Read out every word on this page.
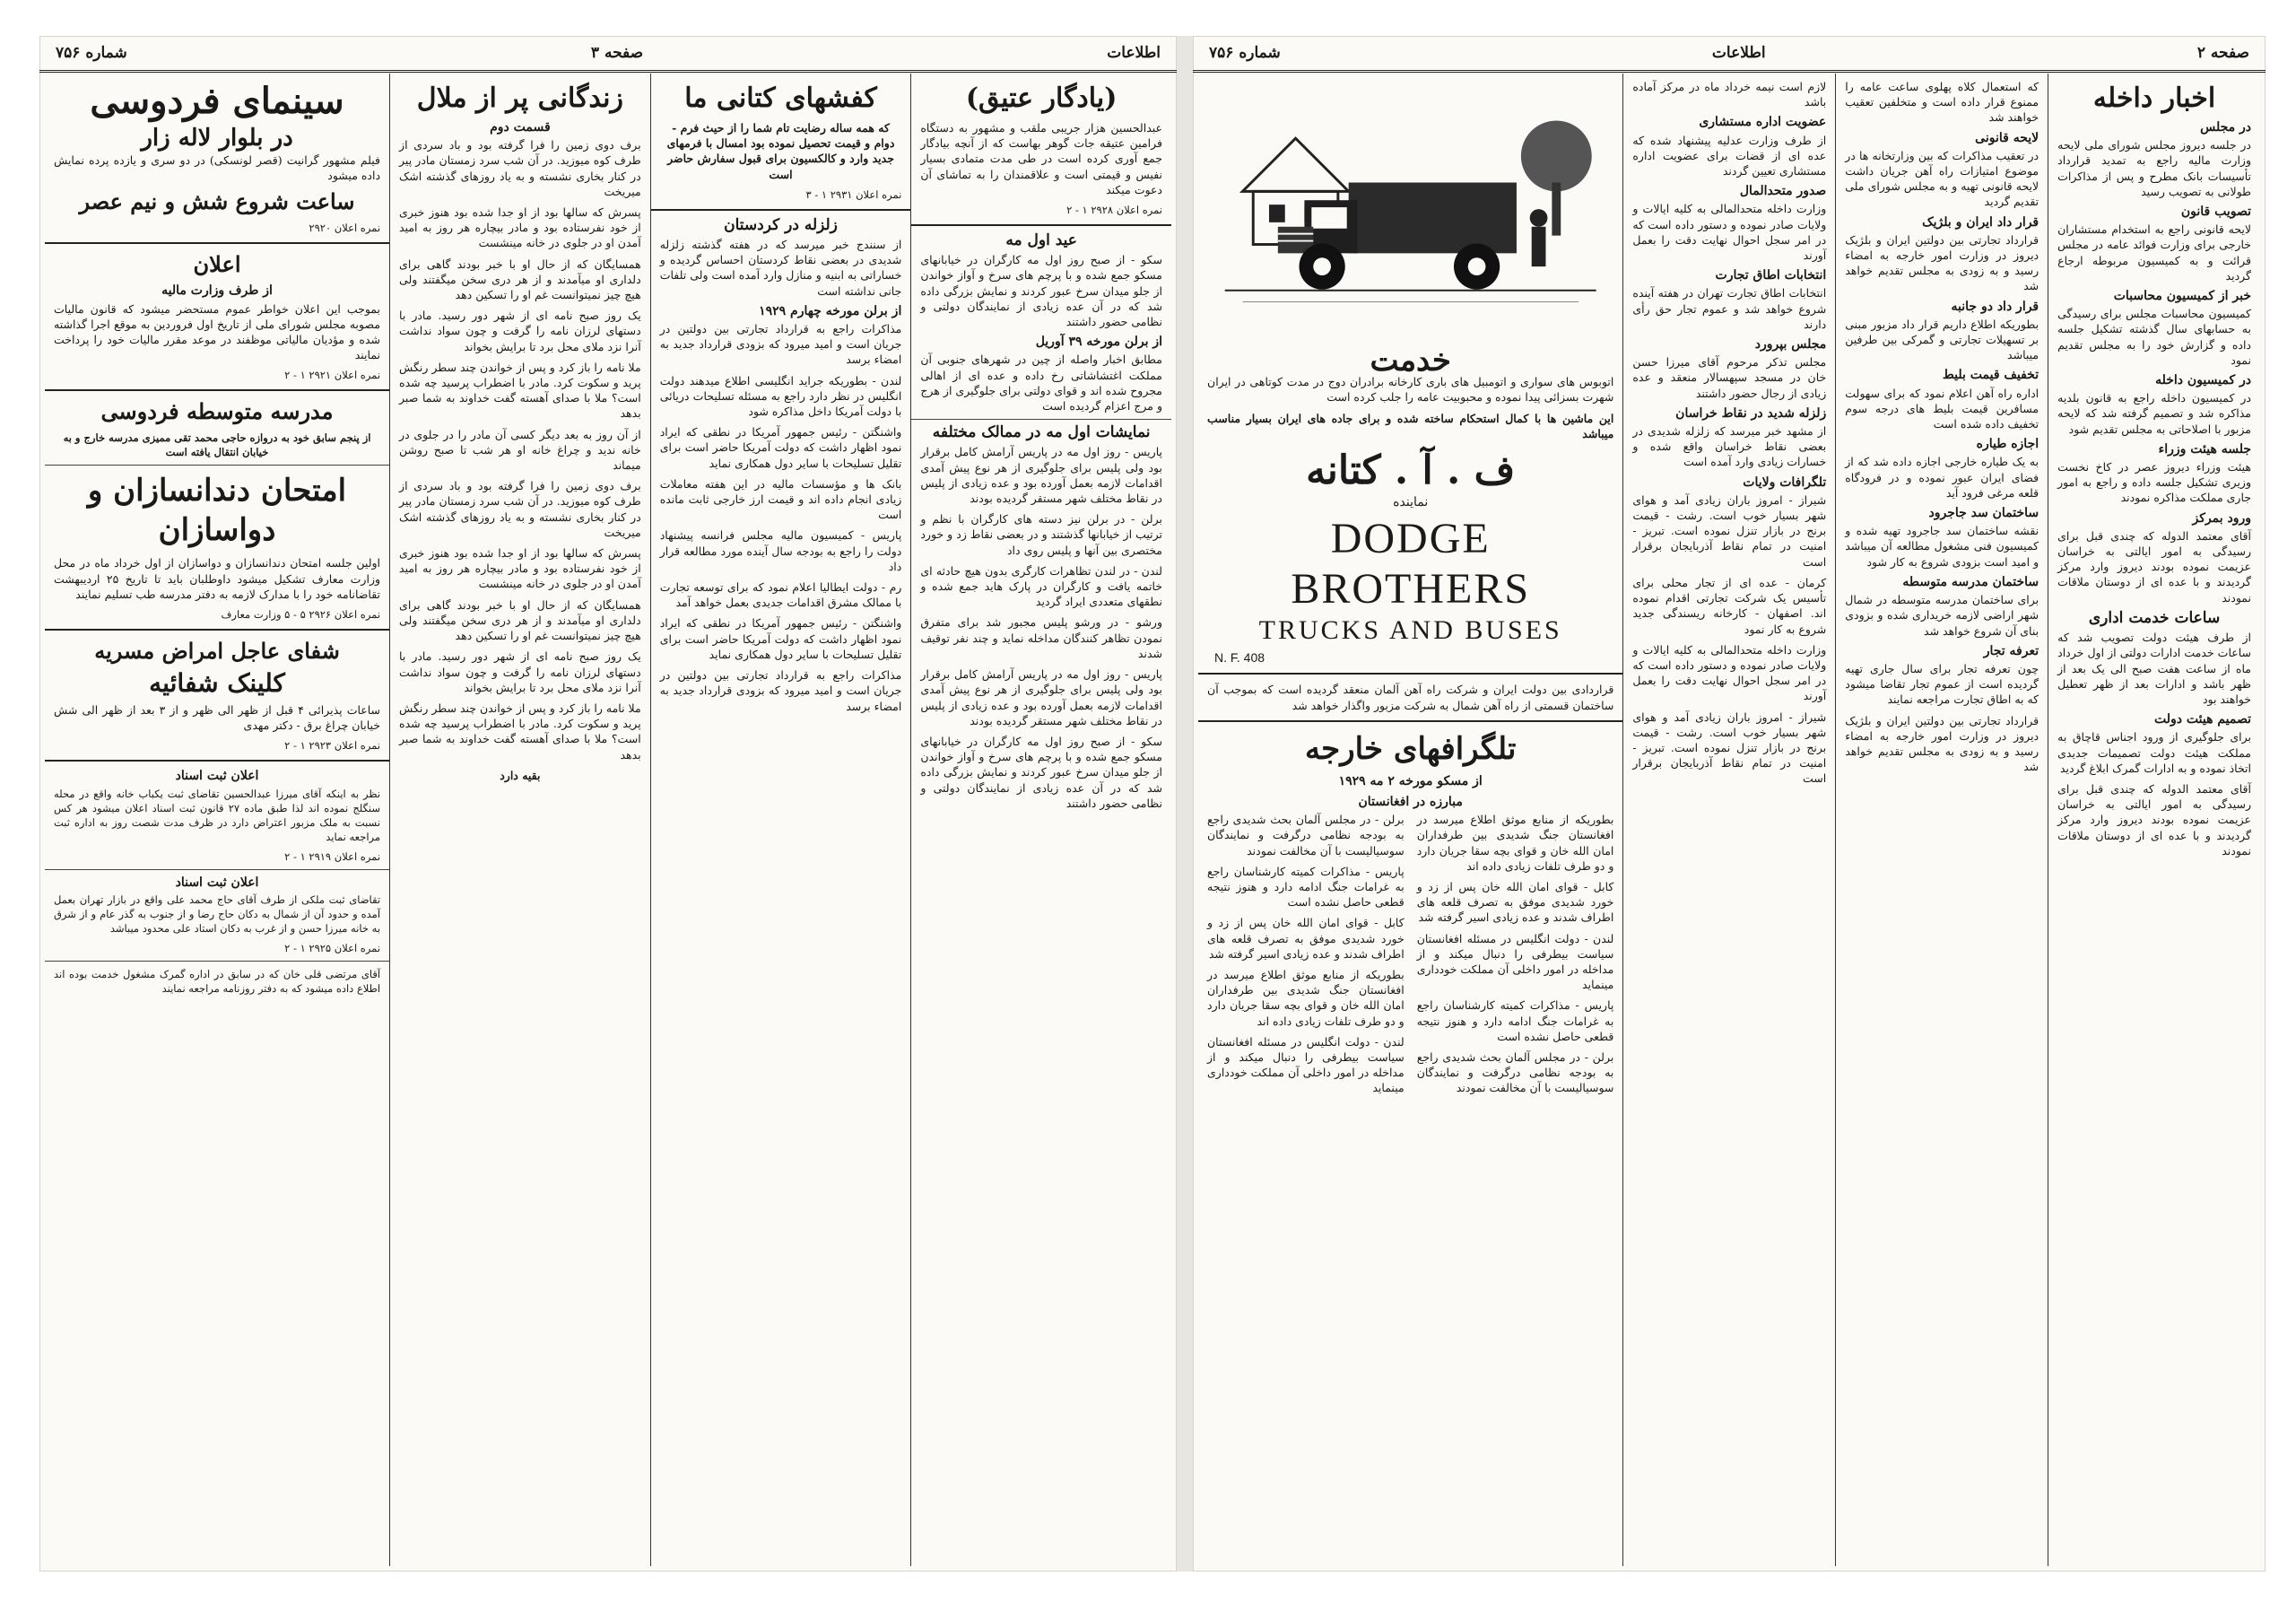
اطلاعات
صفحه ۳
شماره ۷۵۶
(یادگار عتیق)

عبدالحسین هزار جریبی ملقب و مشهور به دستگاه فرامین عتیقه جات گوهر بهاست که از آنچه بیادگار جمع آوری کرده است در طی مدت متمادی بسیار نفیس و قیمتی است و علاقمندان را به تماشای آن دعوت میکند

نمره اعلان ۲۹۲۸ ۱ - ۲

عید اول مه

سکو - از صبح روز اول مه کارگران در خیابانهای مسکو جمع شده و با پرچم های سرخ و آواز خواندن از جلو میدان سرخ عبور کردند و نمایش بزرگی داده شد که در آن عده زیادی از نمایندگان دولتی و نظامی حضور داشتند

از برلن مورخه ۳۹ آوریل

مطابق اخبار واصله از چین در شهرهای جنوبی آن مملکت اغتشاشاتی رخ داده و عده ای از اهالی مجروح شده اند و قوای دولتی برای جلوگیری از هرج و مرج اعزام گردیده است

نمایشات اول مه در ممالک مختلفه

پاریس - روز اول مه در پاریس آرامش کامل برقرار بود ولی پلیس برای جلوگیری از هر نوع پیش آمدی اقدامات لازمه بعمل آورده بود و عده زیادی از پلیس در نقاط مختلف شهر مستقر گردیده بودند

برلن - در برلن نیز دسته های کارگران با نظم و ترتیب از خیابانها گذشتند و در بعضی نقاط زد و خورد مختصری بین آنها و پلیس روی داد

لندن - در لندن تظاهرات کارگری بدون هیچ حادثه ای خاتمه یافت و کارگران در پارک هاید جمع شده و نطقهای متعددی ایراد گردید

ورشو - در ورشو پلیس مجبور شد برای متفرق نمودن تظاهر کنندگان مداخله نماید و چند نفر توقیف شدند

پاریس - روز اول مه در پاریس آرامش کامل برقرار بود ولی پلیس برای جلوگیری از هر نوع پیش آمدی اقدامات لازمه بعمل آورده بود و عده زیادی از پلیس در نقاط مختلف شهر مستقر گردیده بودند

سکو - از صبح روز اول مه کارگران در خیابانهای مسکو جمع شده و با پرچم های سرخ و آواز خواندن از جلو میدان سرخ عبور کردند و نمایش بزرگی داده شد که در آن عده زیادی از نمایندگان دولتی و نظامی حضور داشتند

کفشهای کتانی ما

که همه ساله رضایت تام شما را از حیث فرم - دوام و قیمت تحصیل نموده بود امسال با فرمهای جدید وارد و کالکسیون برای قبول سفارش حاضر است

نمره اعلان ۲۹۳۱ ۱ - ۳

زلزله در کردستان

از سنندج خبر میرسد که در هفته گذشته زلزله شدیدی در بعضی نقاط کردستان احساس گردیده و خساراتی به ابنیه و منازل وارد آمده است ولی تلفات جانی نداشته است

از برلن مورخه چهارم ۱۹۲۹

مذاکرات راجع به قرارداد تجارتی بین دولتین در جریان است و امید میرود که بزودی قرارداد جدید به امضاء برسد

لندن - بطوریکه جراید انگلیسی اطلاع میدهند دولت انگلیس در نظر دارد راجع به مسئله تسلیحات دریائی با دولت آمریکا داخل مذاکره شود

واشنگتن - رئیس جمهور آمریکا در نطقی که ایراد نمود اظهار داشت که دولت آمریکا حاضر است برای تقلیل تسلیحات با سایر دول همکاری نماید

بانک ها و مؤسسات مالیه در این هفته معاملات زیادی انجام داده اند و قیمت ارز خارجی ثابت مانده است

پاریس - کمیسیون مالیه مجلس فرانسه پیشنهاد دولت را راجع به بودجه سال آینده مورد مطالعه قرار داد

رم - دولت ایطالیا اعلام نمود که برای توسعه تجارت با ممالک مشرق اقدامات جدیدی بعمل خواهد آمد

واشنگتن - رئیس جمهور آمریکا در نطقی که ایراد نمود اظهار داشت که دولت آمریکا حاضر است برای تقلیل تسلیحات با سایر دول همکاری نماید

مذاکرات راجع به قرارداد تجارتی بین دولتین در جریان است و امید میرود که بزودی قرارداد جدید به امضاء برسد

زندگانی پر از ملال
قسمت دوم

برف دوی زمین را فرا گرفته بود و باد سردی از طرف کوه میوزید. در آن شب سرد زمستان مادر پیر در کنار بخاری نشسته و به یاد روزهای گذشته اشک میریخت

پسرش که سالها بود از او جدا شده بود هنوز خبری از خود نفرستاده بود و مادر بیچاره هر روز به امید آمدن او در جلوی در خانه مینشست

همسایگان که از حال او با خبر بودند گاهی برای دلداری او میآمدند و از هر دری سخن میگفتند ولی هیچ چیز نمیتوانست غم او را تسکین دهد

یک روز صبح نامه ای از شهر دور رسید. مادر با دستهای لرزان نامه را گرفت و چون سواد نداشت آنرا نزد ملای محل برد تا برایش بخواند

ملا نامه را باز کرد و پس از خواندن چند سطر رنگش پرید و سکوت کرد. مادر با اضطراب پرسید چه شده است؟ ملا با صدای آهسته گفت خداوند به شما صبر بدهد

از آن روز به بعد دیگر کسی آن مادر را در جلوی در خانه ندید و چراغ خانه او هر شب تا صبح روشن میماند

برف دوی زمین را فرا گرفته بود و باد سردی از طرف کوه میوزید. در آن شب سرد زمستان مادر پیر در کنار بخاری نشسته و به یاد روزهای گذشته اشک میریخت

پسرش که سالها بود از او جدا شده بود هنوز خبری از خود نفرستاده بود و مادر بیچاره هر روز به امید آمدن او در جلوی در خانه مینشست

همسایگان که از حال او با خبر بودند گاهی برای دلداری او میآمدند و از هر دری سخن میگفتند ولی هیچ چیز نمیتوانست غم او را تسکین دهد

یک روز صبح نامه ای از شهر دور رسید. مادر با دستهای لرزان نامه را گرفت و چون سواد نداشت آنرا نزد ملای محل برد تا برایش بخواند

ملا نامه را باز کرد و پس از خواندن چند سطر رنگش پرید و سکوت کرد. مادر با اضطراب پرسید چه شده است؟ ملا با صدای آهسته گفت خداوند به شما صبر بدهد

بقیه دارد

سینمای فردوسی
در بلوار لاله زار

فیلم مشهور گرانیت (قصر لونسکی) در دو سری و یازده پرده نمایش داده میشود

ساعت شروع شش و نیم عصر

نمره اعلان ۲۹۲۰

اعلان
از طرف وزارت مالیه

بموجب این اعلان خواطر عموم مستحضر میشود که قانون مالیات مصوبه مجلس شورای ملی از تاریخ اول فروردین به موقع اجرا گذاشته شده و مؤدیان مالیاتی موظفند در موعد مقرر مالیات خود را پرداخت نمایند

نمره اعلان ۲۹۲۱ ۱ - ۲

مدرسه متوسطه فردوسی

از پنجم سابق خود به دروازه حاجی محمد تقی ممیزی مدرسه خارج و به خیابان انتقال یافته است

امتحان دندانسازان و دواسازان

اولین جلسه امتحان دندانسازان و دواسازان از اول خرداد ماه در محل وزارت معارف تشکیل میشود داوطلبان باید تا تاریخ ۲۵ اردیبهشت تقاضانامه خود را با مدارک لازمه به دفتر مدرسه طب تسلیم نمایند

نمره اعلان ۲۹۲۶ ۵ - ۵ وزارت معارف

شفای عاجل امراض مسریه
کلینک شفائیه

ساعات پذیرائی ۴ قبل از ظهر الی ظهر و از ۳ بعد از ظهر الی شش خیابان چراغ برق - دکتر مهدی

نمره اعلان ۲۹۲۳ ۱ - ۲

اعلان ثبت اسناد

نظر به اینکه آقای میرزا عبدالحسین تقاضای ثبت یکباب خانه واقع در محله سنگلج نموده اند لذا طبق ماده ۲۷ قانون ثبت اسناد اعلان میشود هر کس نسبت به ملک مزبور اعتراض دارد در ظرف مدت شصت روز به اداره ثبت مراجعه نماید

نمره اعلان ۲۹۱۹ ۱ - ۲

اعلان ثبت اسناد

تقاضای ثبت ملکی از طرف آقای حاج محمد علی واقع در بازار تهران بعمل آمده و حدود آن از شمال به دکان حاج رضا و از جنوب به گذر عام و از شرق به خانه میرزا حسن و از غرب به دکان استاد علی محدود میباشد

نمره اعلان ۲۹۲۵ ۱ - ۲

آقای مرتضی قلی خان که در سابق در اداره گمرک مشغول خدمت بوده اند اطلاع داده میشود که به دفتر روزنامه مراجعه نمایند

صفحه ۲
اطلاعات
شماره ۷۵۶
اخبار داخله
در مجلس

در جلسه دیروز مجلس شورای ملی لایحه وزارت مالیه راجع به تمدید قرارداد تأسیسات بانک مطرح و پس از مذاکرات طولانی به تصویب رسید

تصویب قانون

لایحه قانونی راجع به استخدام مستشاران خارجی برای وزارت فوائد عامه در مجلس قرائت و به کمیسیون مربوطه ارجاع گردید

خبر از کمیسیون محاسبات

کمیسیون محاسبات مجلس برای رسیدگی به حسابهای سال گذشته تشکیل جلسه داده و گزارش خود را به مجلس تقدیم نمود

در کمیسیون داخله

در کمیسیون داخله راجع به قانون بلدیه مذاکره شد و تصمیم گرفته شد که لایحه مزبور با اصلاحاتی به مجلس تقدیم شود

جلسه هیئت وزراء

هیئت وزراء دیروز عصر در کاخ نخست وزیری تشکیل جلسه داده و راجع به امور جاری مملکت مذاکره نمودند

ورود بمرکز

آقای معتمد الدوله که چندی قبل برای رسیدگی به امور ایالتی به خراسان عزیمت نموده بودند دیروز وارد مرکز گردیدند و با عده ای از دوستان ملاقات نمودند

ساعات خدمت اداری

از طرف هیئت دولت تصویب شد که ساعات خدمت ادارات دولتی از اول خرداد ماه از ساعت هفت صبح الی یک بعد از ظهر باشد و ادارات بعد از ظهر تعطیل خواهند بود

تصمیم هیئت دولت

برای جلوگیری از ورود اجناس قاچاق به مملکت هیئت دولت تصمیمات جدیدی اتخاذ نموده و به ادارات گمرک ابلاغ گردید

آقای معتمد الدوله که چندی قبل برای رسیدگی به امور ایالتی به خراسان عزیمت نموده بودند دیروز وارد مرکز گردیدند و با عده ای از دوستان ملاقات نمودند

که استعمال کلاه پهلوی ساعت عامه را ممنوع قرار داده است و متخلفین تعقیب خواهند شد

لایحه قانونی

در تعقیب مذاکرات که بین وزارتخانه ها در موضوع امتیازات راه آهن جریان داشت لایحه قانونی تهیه و به مجلس شورای ملی تقدیم گردید

قرار داد ایران و بلژیک

قرارداد تجارتی بین دولتین ایران و بلژیک دیروز در وزارت امور خارجه به امضاء رسید و به زودی به مجلس تقدیم خواهد شد

قرار داد دو جانبه

بطوریکه اطلاع داریم قرار داد مزبور مبنی بر تسهیلات تجارتی و گمرکی بین طرفین میباشد

تخفیف قیمت بلیط

اداره راه آهن اعلام نمود که برای سهولت مسافرین قیمت بلیط های درجه سوم تخفیف داده شده است

اجازه طیاره

به یک طیاره خارجی اجازه داده شد که از فضای ایران عبور نموده و در فرودگاه قلعه مرغی فرود آید

ساختمان سد جاجرود

نقشه ساختمان سد جاجرود تهیه شده و کمیسیون فنی مشغول مطالعه آن میباشد و امید است بزودی شروع به کار شود

ساختمان مدرسه متوسطه

برای ساختمان مدرسه متوسطه در شمال شهر اراضی لازمه خریداری شده و بزودی بنای آن شروع خواهد شد

تعرفه تجار

چون تعرفه تجار برای سال جاری تهیه گردیده است از عموم تجار تقاضا میشود که به اطاق تجارت مراجعه نمایند

قرارداد تجارتی بین دولتین ایران و بلژیک دیروز در وزارت امور خارجه به امضاء رسید و به زودی به مجلس تقدیم خواهد شد

لازم است نیمه خرداد ماه در مرکز آماده باشد

عضویت اداره مستشاری

از طرف وزارت عدلیه پیشنهاد شده که عده ای از قضات برای عضویت اداره مستشاری تعیین گردند

صدور متحدالمال

وزارت داخله متحدالمالی به کلیه ایالات و ولایات صادر نموده و دستور داده است که در امر سجل احوال نهایت دقت را بعمل آورند

انتخابات اطاق تجارت

انتخابات اطاق تجارت تهران در هفته آینده شروع خواهد شد و عموم تجار حق رأی دارند

مجلس بپرورد

مجلس تذکر مرحوم آقای میرزا حسن خان در مسجد سپهسالار منعقد و عده زیادی از رجال حضور داشتند

زلزله شدید در نقاط خراسان

از مشهد خبر میرسد که زلزله شدیدی در بعضی نقاط خراسان واقع شده و خسارات زیادی وارد آمده است

تلگرافات ولایات

شیراز - امروز باران زیادی آمد و هوای شهر بسیار خوب است. رشت - قیمت برنج در بازار تنزل نموده است. تبریز - امنیت در تمام نقاط آذربایجان برقرار است

کرمان - عده ای از تجار محلی برای تأسیس یک شرکت تجارتی اقدام نموده اند. اصفهان - کارخانه ریسندگی جدید شروع به کار نمود

وزارت داخله متحدالمالی به کلیه ایالات و ولایات صادر نموده و دستور داده است که در امر سجل احوال نهایت دقت را بعمل آورند

شیراز - امروز باران زیادی آمد و هوای شهر بسیار خوب است. رشت - قیمت برنج در بازار تنزل نموده است. تبریز - امنیت در تمام نقاط آذربایجان برقرار است

خدمت

اتوبوس های سواری و اتومبیل های باری کارخانه برادران دوج در مدت کوتاهی در ایران شهرت بسزائی پیدا نموده و محبوبیت عامه را جلب کرده است

این ماشین ها با کمال استحکام ساخته شده و برای جاده های ایران بسیار مناسب میباشد

ف . آ . کتانه
نماینده
DODGE BROTHERS
TRUCKS AND BUSES
N. F. 408

قراردادی بین دولت ایران و شرکت راه آهن آلمان منعقد گردیده است که بموجب آن ساختمان قسمتی از راه آهن شمال به شرکت مزبور واگذار خواهد شد

تلگرافهای خارجه
از مسکو مورخه ۲ مه ۱۹۲۹
مبارزه در افغانستان

بطوریکه از منابع موثق اطلاع میرسد در افغانستان جنگ شدیدی بین طرفداران امان الله خان و قوای بچه سقا جریان دارد و دو طرف تلفات زیادی داده اند

کابل - قوای امان الله خان پس از زد و خورد شدیدی موفق به تصرف قلعه های اطراف شدند و عده زیادی اسیر گرفته شد

لندن - دولت انگلیس در مسئله افغانستان سیاست بیطرفی را دنبال میکند و از مداخله در امور داخلی آن مملکت خودداری مینماید

پاریس - مذاکرات کمیته کارشناسان راجع به غرامات جنگ ادامه دارد و هنوز نتیجه قطعی حاصل نشده است

برلن - در مجلس آلمان بحث شدیدی راجع به بودجه نظامی درگرفت و نمایندگان سوسیالیست با آن مخالفت نمودند

برلن - در مجلس آلمان بحث شدیدی راجع به بودجه نظامی درگرفت و نمایندگان سوسیالیست با آن مخالفت نمودند

پاریس - مذاکرات کمیته کارشناسان راجع به غرامات جنگ ادامه دارد و هنوز نتیجه قطعی حاصل نشده است

کابل - قوای امان الله خان پس از زد و خورد شدیدی موفق به تصرف قلعه های اطراف شدند و عده زیادی اسیر گرفته شد

بطوریکه از منابع موثق اطلاع میرسد در افغانستان جنگ شدیدی بین طرفداران امان الله خان و قوای بچه سقا جریان دارد و دو طرف تلفات زیادی داده اند

لندن - دولت انگلیس در مسئله افغانستان سیاست بیطرفی را دنبال میکند و از مداخله در امور داخلی آن مملکت خودداری مینماید
